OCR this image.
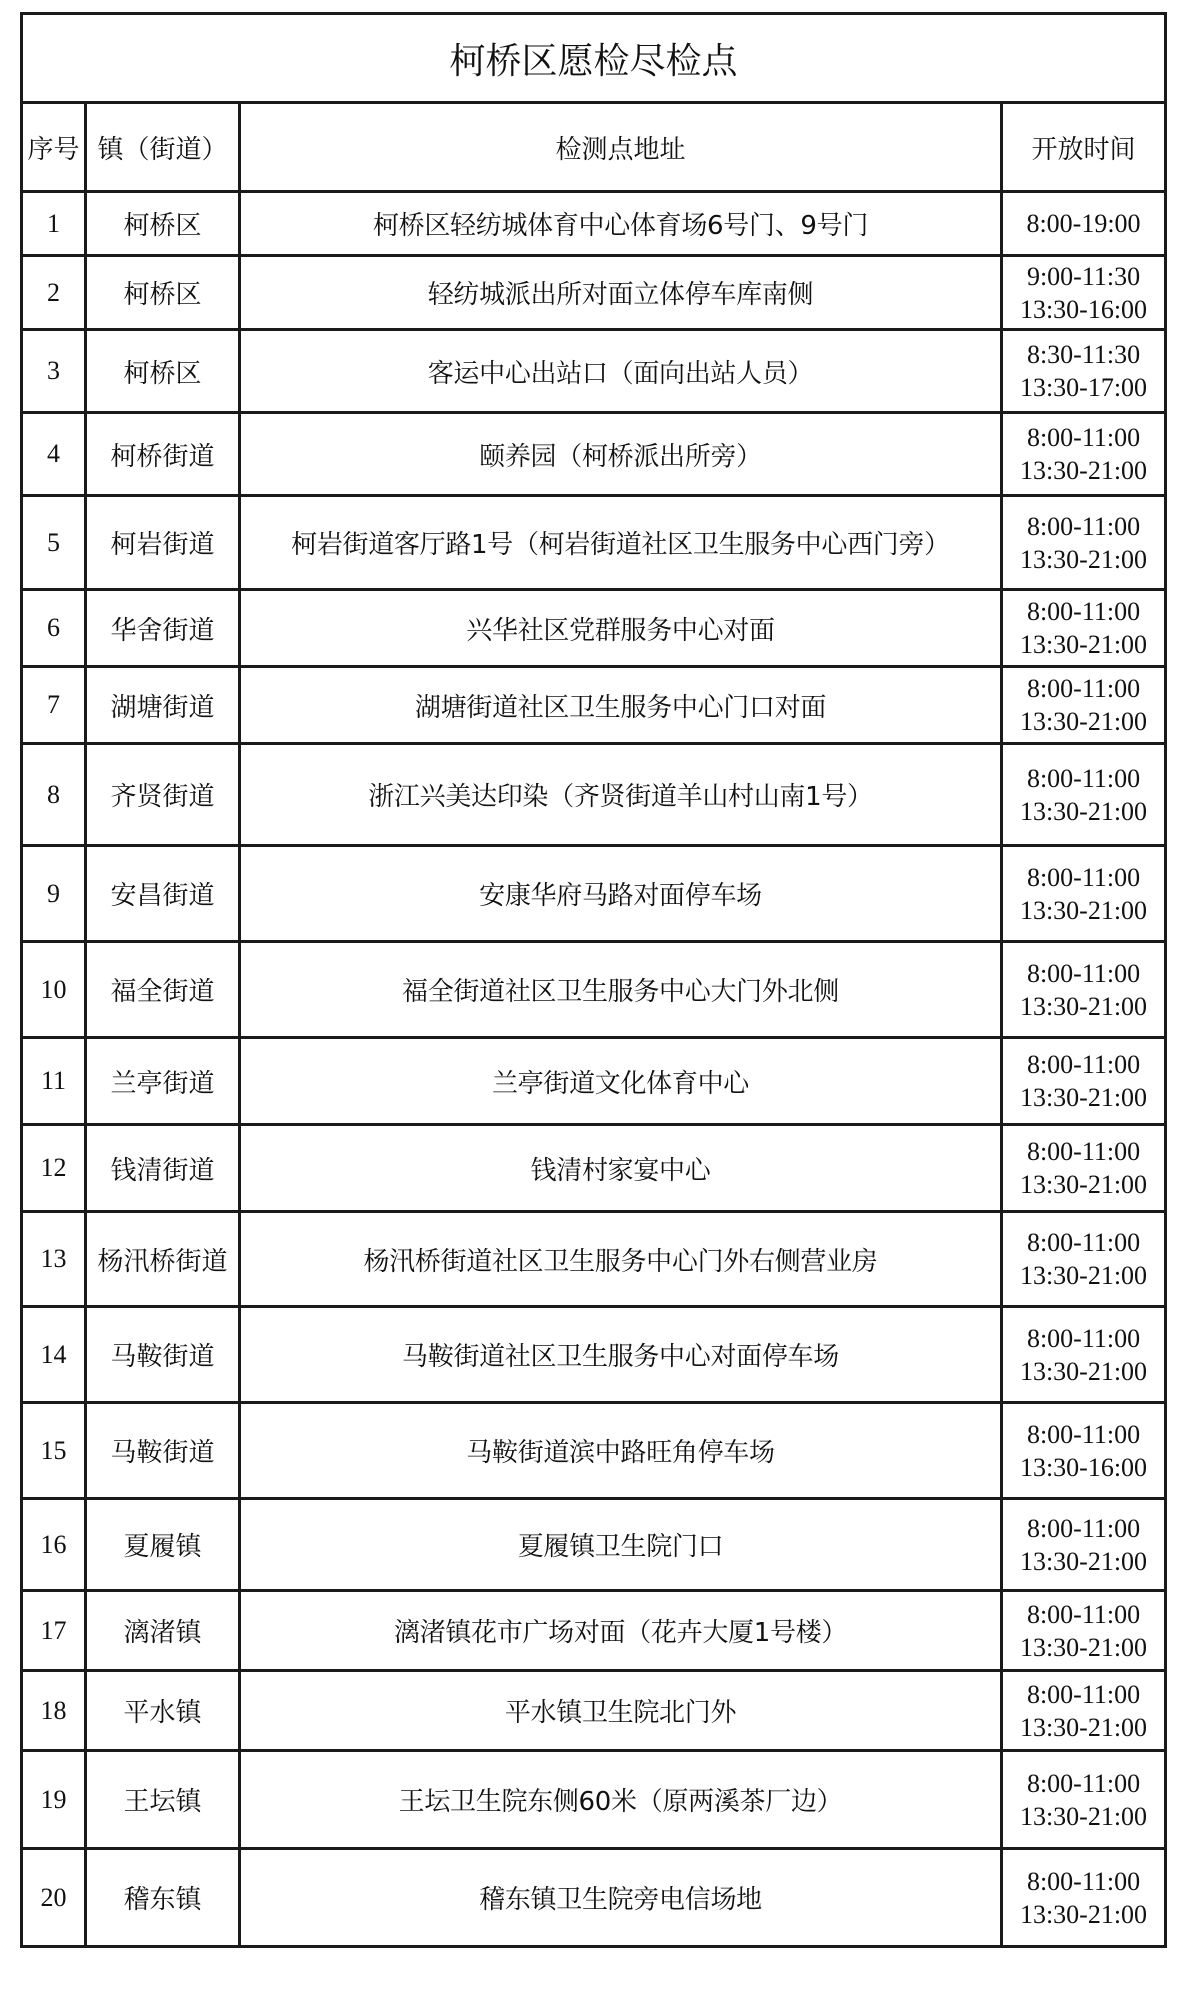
柯桥区愿检尽检点			
序号	镇（街道）	检测点地址	开放时间
1	柯桥区	柯桥区轻纺城体育中心体育场6号门、9号门	8:00-19:00

2	柯桥区	轻纺城派出所对面立体停车库南侧	9:00-11:30
13:30-16:00

3	柯桥区	客运中心出站口（面向出站人员）	8:30-11:30
13:30-17:00

4	柯桥街道	颐养园（柯桥派出所旁）	8:00-11:00
13:30-21:00

5	柯岩街道	柯岩街道客厅路1号（柯岩街道社区卫生服务中心西门旁）	8:00-11:00
13:30-21:00

6	华舍街道	兴华社区党群服务中心对面	8:00-11:00
13:30-21:00

7	湖塘街道	湖塘街道社区卫生服务中心门口对面	8:00-11:00
13:30-21:00

8	齐贤街道	浙江兴美达印染（齐贤街道羊山村山南1号）	8:00-11:00
13:30-21:00

9	安昌街道	安康华府马路对面停车场	8:00-11:00
13:30-21:00

10	福全街道	福全街道社区卫生服务中心大门外北侧	8:00-11:00
13:30-21:00

11	兰亭街道	兰亭街道文化体育中心	8:00-11:00
13:30-21:00

12	钱清街道	钱清村家宴中心	8:00-11:00
13:30-21:00

13	杨汛桥街道	杨汛桥街道社区卫生服务中心门外右侧营业房	8:00-11:00
13:30-21:00

14	马鞍街道	马鞍街道社区卫生服务中心对面停车场	8:00-11:00
13:30-21:00

15	马鞍街道	马鞍街道滨中路旺角停车场	8:00-11:00
13:30-16:00

16	夏履镇	夏履镇卫生院门口	8:00-11:00
13:30-21:00

17	漓渚镇	漓渚镇花市广场对面（花卉大厦1号楼）	8:00-11:00
13:30-21:00

18	平水镇	平水镇卫生院北门外	8:00-11:00
13:30-21:00

19	王坛镇	王坛卫生院东侧60米（原两溪茶厂边）	8:00-11:00
13:30-21:00

20	稽东镇	稽东镇卫生院旁电信场地	8:00-11:00
13:30-21:00
